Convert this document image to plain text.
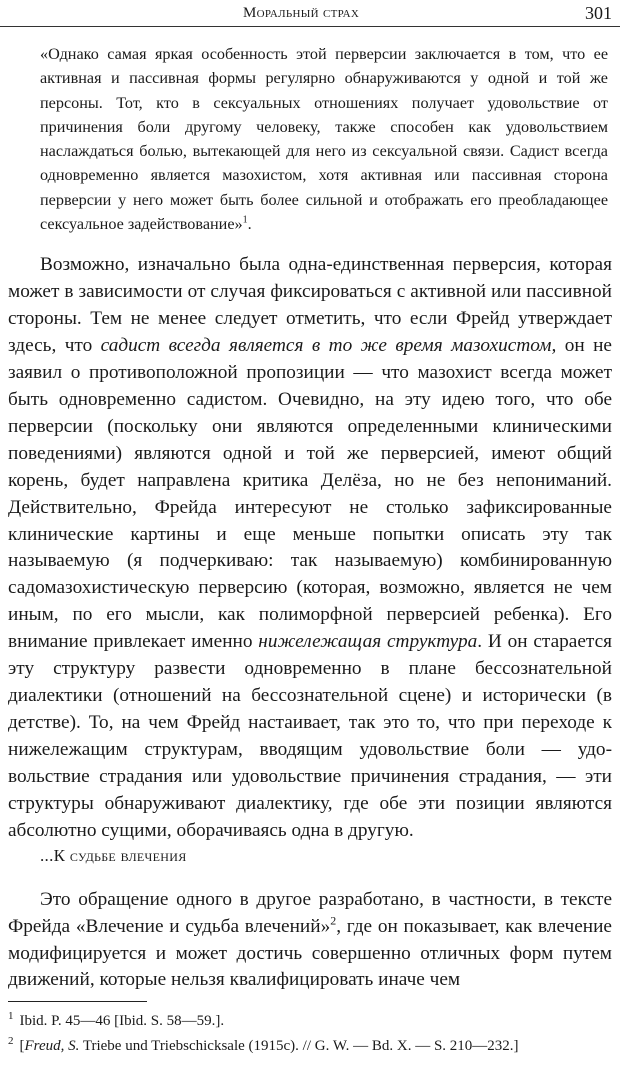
Моральный страх	301

«Однако самая яркая особенность этой перверсии заключается в том, что ее активная и пассивная формы регулярно обнаруживаются у одной и той же персоны. Тот, кто в сексуальных отношениях получает удовольствие от причинения боли другому человеку, также способен как удовольствием наслаждаться болью, вытекающей для него из сексуальной связи. Садист всегда одновременно является мазохистом, хотя активная или пассивная сторона перверсии у него может быть более сильной и отображать его преобладающее сексуальное задействование»$^1$.

Возможно, изначально была одна-единственная перверсия, которая может в зависимости от случая фиксироваться с активной или пассивной стороны. Тем не менее следует отметить, что если Фрейд утверждает здесь, что садист всегда является в то же время мазохистом, он не заявил о противоположной пропозиции — что мазохист всегда может быть одновременно садистом. Очевидно, на эту идею того, что обе перверсии (поскольку они являются определенными клиническими поведениями) являются одной и той же перверсией, имеют общий корень, будет направлена критика Делёза, но не без непониманий. Действительно, Фрейда интересуют не столько зафиксированные клинические картины и еще меньше попытки описать эту так называемую (я подчеркиваю: так называемую) комбинированную садомазохистическую перверсию (которая, возможно, является не чем иным, по его мысли, как полиморфной перверсией ребенка). Его внимание привлекает именно нижележащая структура. И он старается эту структуру развести одновременно в плане бессознательной диалектики (отношений на бессознательной сцене) и исторически (в детстве). То, на чем Фрейд настаивает, так это то, что при переходе к нижележащим структурам, вводящим удовольствие боли — удовольствие страдания или удовольствие причинения страдания, — эти структуры обнаруживают диалектику, где обе эти позиции являются абсолютно сущими, оборачиваясь одна в другую.

...К судьбе влечения

Это обращение одного в другое разработано, в частности, в тексте Фрейда «Влечение и судьба влечений»$^2$, где он показывает, как влечение модифицируется и может достичь совершенно отличных форм путем движений, которые нельзя квалифицировать иначе чем

$^1$ Ibid. P. 45—46 [Ibid. S. 58—59.].

$^2$ [Freud, S. Triebe und Triebschicksale (1915c). // G. W. — Bd. X. — S. 210—232.]
